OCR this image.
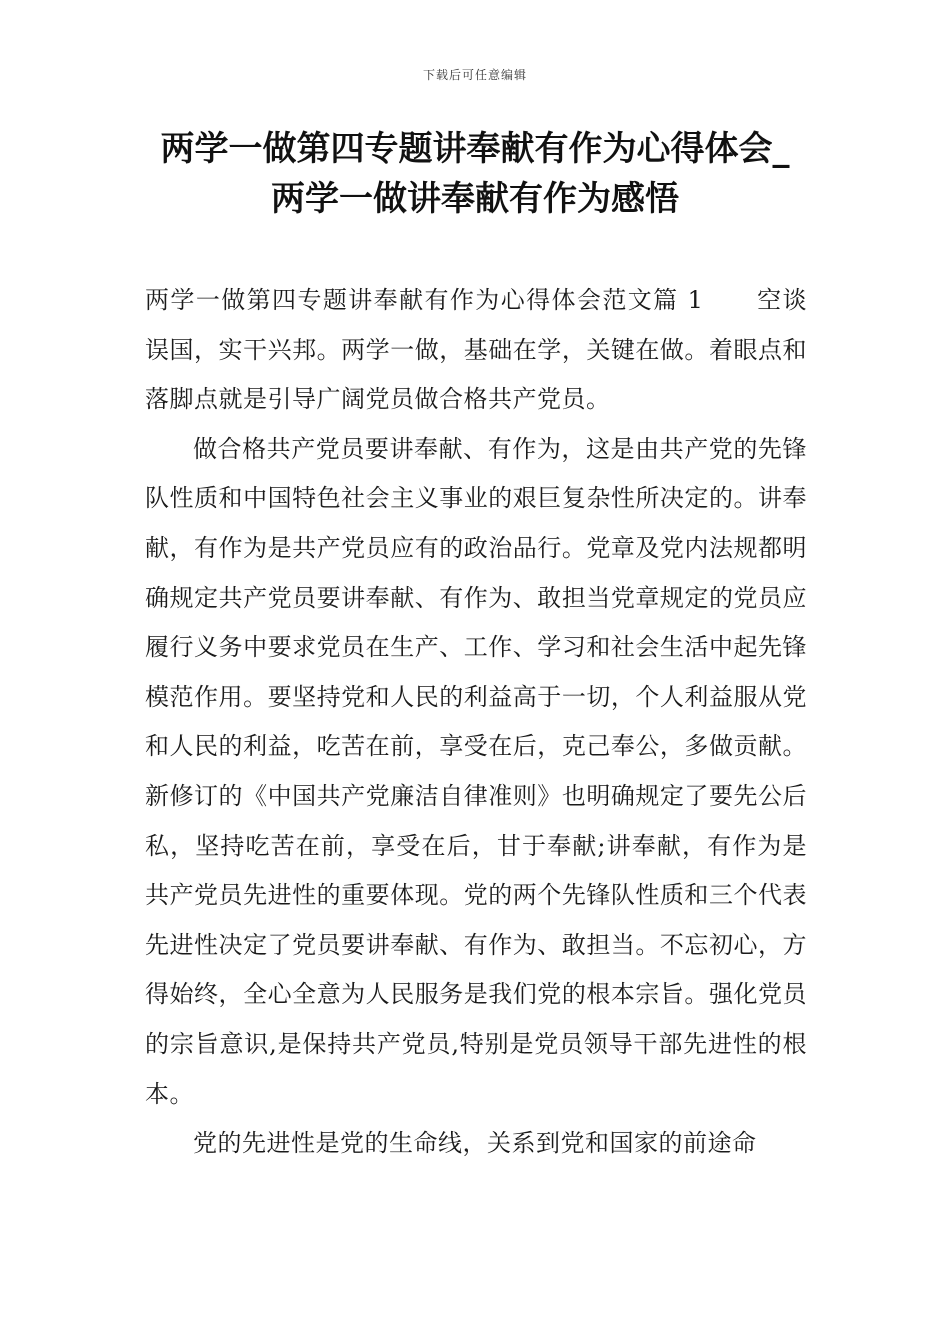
下载后可任意编辑
两学一做第四专题讲奉献有作为心得体会_
两学一做讲奉献有作为感悟

两学一做第四专题讲奉献有作为心得体会范文篇 1 空谈误国，实干兴邦。两学一做，基础在学，关键在做。着眼点和落脚点就是引导广阔党员做合格共产党员。

做合格共产党员要讲奉献、有作为，这是由共产党的先锋队性质和中国特色社会主义事业的艰巨复杂性所决定的。讲奉献，有作为是共产党员应有的政治品行。党章及党内法规都明确规定共产党员要讲奉献、有作为、敢担当党章规定的党员应履行义务中要求党员在生产、工作、学习和社会生活中起先锋模范作用。要坚持党和人民的利益高于一切，个人利益服从党和人民的利益，吃苦在前，享受在后，克己奉公，多做贡献。新修订的《中国共产党廉洁自律准则》也明确规定了要先公后私，坚持吃苦在前，享受在后，甘于奉献;讲奉献，有作为是共产党员先进性的重要体现。党的两个先锋队性质和三个代表先进性决定了党员要讲奉献、有作为、敢担当。不忘初心，方得始终，全心全意为人民服务是我们党的根本宗旨。强化党员的宗旨意识,是保持共产党员,特别是党员领导干部先进性的根本。

党的先进性是党的生命线，关系到党和国家的前途命
